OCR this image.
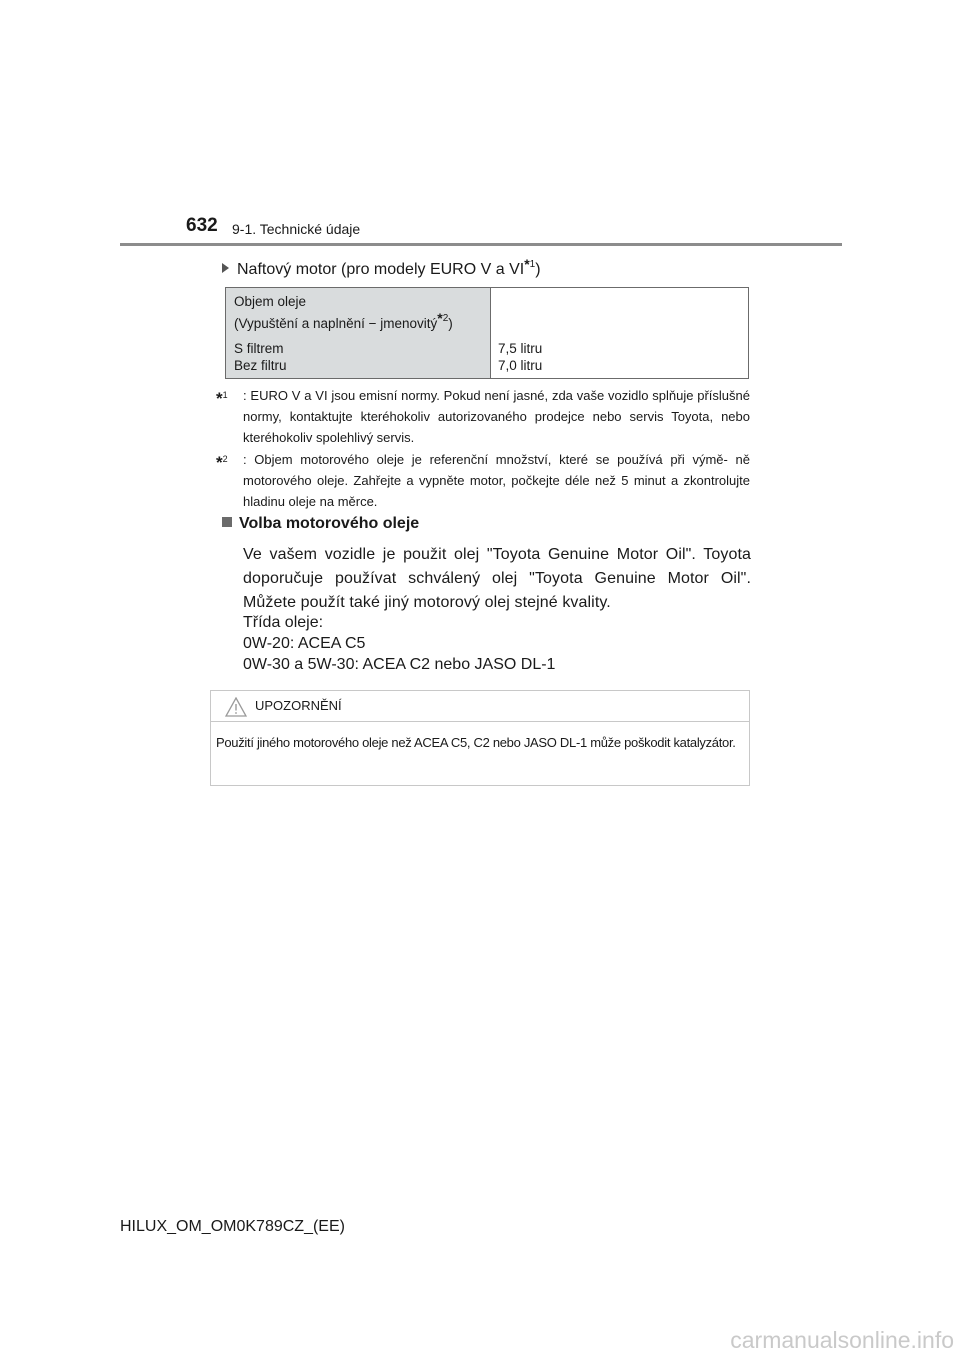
632 9-1. Technické údaje
Naftový motor (pro modely EURO V a VI$^{*1}$)
Objem oleje
(Vypuštění a naplnění − jmenovitý$^{*2}$)
S filtrem
Bez filtru
7,5 litru
7,0 litru
*$^1$ : EURO V a VI jsou emisní normy. Pokud není jasné, zda vaše vozidlo splňuje příslušné normy, kontaktujte kteréhokoliv autorizovaného prodejce nebo servis Toyota, nebo kteréhokoliv spolehlivý servis.
*$^2$ : Objem motorového oleje je referenční množství, které se používá při výmě- ně motorového oleje. Zahřejte a vypněte motor, počkejte déle než 5 minut a zkontrolujte hladinu oleje na měrce.
Volba motorového oleje
Ve vašem vozidle je použit olej "Toyota Genuine Motor Oil". Toyota doporučuje používat schválený olej "Toyota Genuine Motor Oil". Můžete použít také jiný motorový olej stejné kvality.
Třída oleje:
0W-20: ACEA C5
0W-30 a 5W-30: ACEA C2 nebo JASO DL-1
UPOZORNĚNÍ
Použití jiného motorového oleje než ACEA C5, C2 nebo JASO DL-1 může poškodit katalyzátor.
HILUX_OM_OM0K789CZ_(EE)
carmanualsonline.info
